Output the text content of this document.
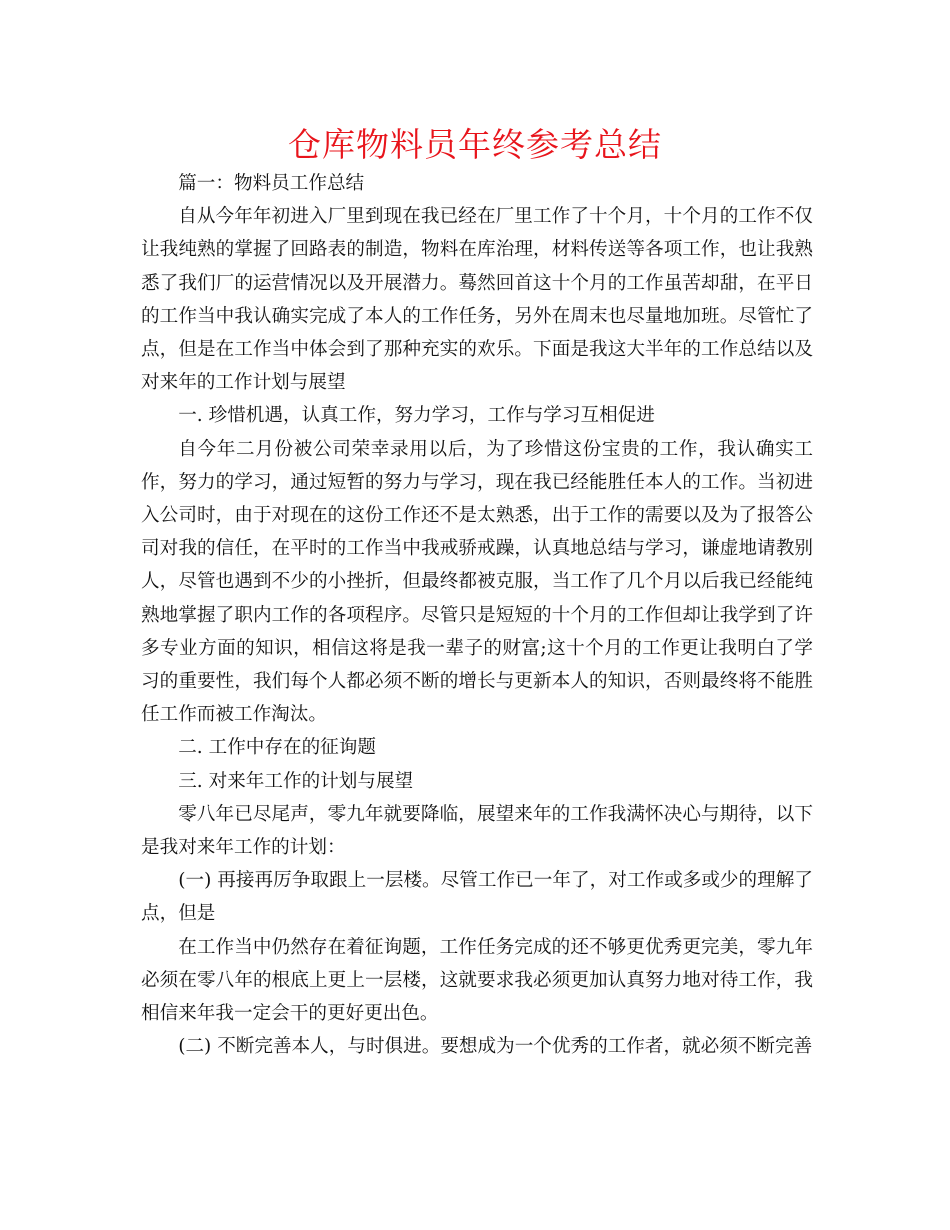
仓库物料员年终参考总结

篇一：物料员工作总结

自从今年年初进入厂里到现在我已经在厂里工作了十个月，十个月的工作不仅让我纯熟的掌握了回路表的制造，物料在库治理，材料传送等各项工作，也让我熟悉了我们厂的运营情况以及开展潜力。蓦然回首这十个月的工作虽苦却甜，在平日的工作当中我认确实完成了本人的工作任务，另外在周末也尽量地加班。尽管忙了点，但是在工作当中体会到了那种充实的欢乐。下面是我这大半年的工作总结以及对来年的工作计划与展望

一. 珍惜机遇，认真工作，努力学习，工作与学习互相促进

自今年二月份被公司荣幸录用以后，为了珍惜这份宝贵的工作，我认确实工作，努力的学习，通过短暂的努力与学习，现在我已经能胜任本人的工作。当初进入公司时，由于对现在的这份工作还不是太熟悉，出于工作的需要以及为了报答公司对我的信任，在平时的工作当中我戒骄戒躁，认真地总结与学习，谦虚地请教别人，尽管也遇到不少的小挫折，但最终都被克服，当工作了几个月以后我已经能纯熟地掌握了职内工作的各项程序。尽管只是短短的十个月的工作但却让我学到了许多专业方面的知识，相信这将是我一辈子的财富;这十个月的工作更让我明白了学习的重要性，我们每个人都必须不断的增长与更新本人的知识，否则最终将不能胜任工作而被工作淘汰。

二. 工作中存在的征询题

三. 对来年工作的计划与展望

零八年已尽尾声，零九年就要降临，展望来年的工作我满怀决心与期待，以下是我对来年工作的计划：

(一) 再接再厉争取跟上一层楼。尽管工作已一年了，对工作或多或少的理解了点，但是

在工作当中仍然存在着征询题，工作任务完成的还不够更优秀更完美，零九年必须在零八年的根底上更上一层楼，这就要求我必须更加认真努力地对待工作，我相信来年我一定会干的更好更出色。

(二) 不断完善本人，与时俱进。要想成为一个优秀的工作者，就必须不断完善
